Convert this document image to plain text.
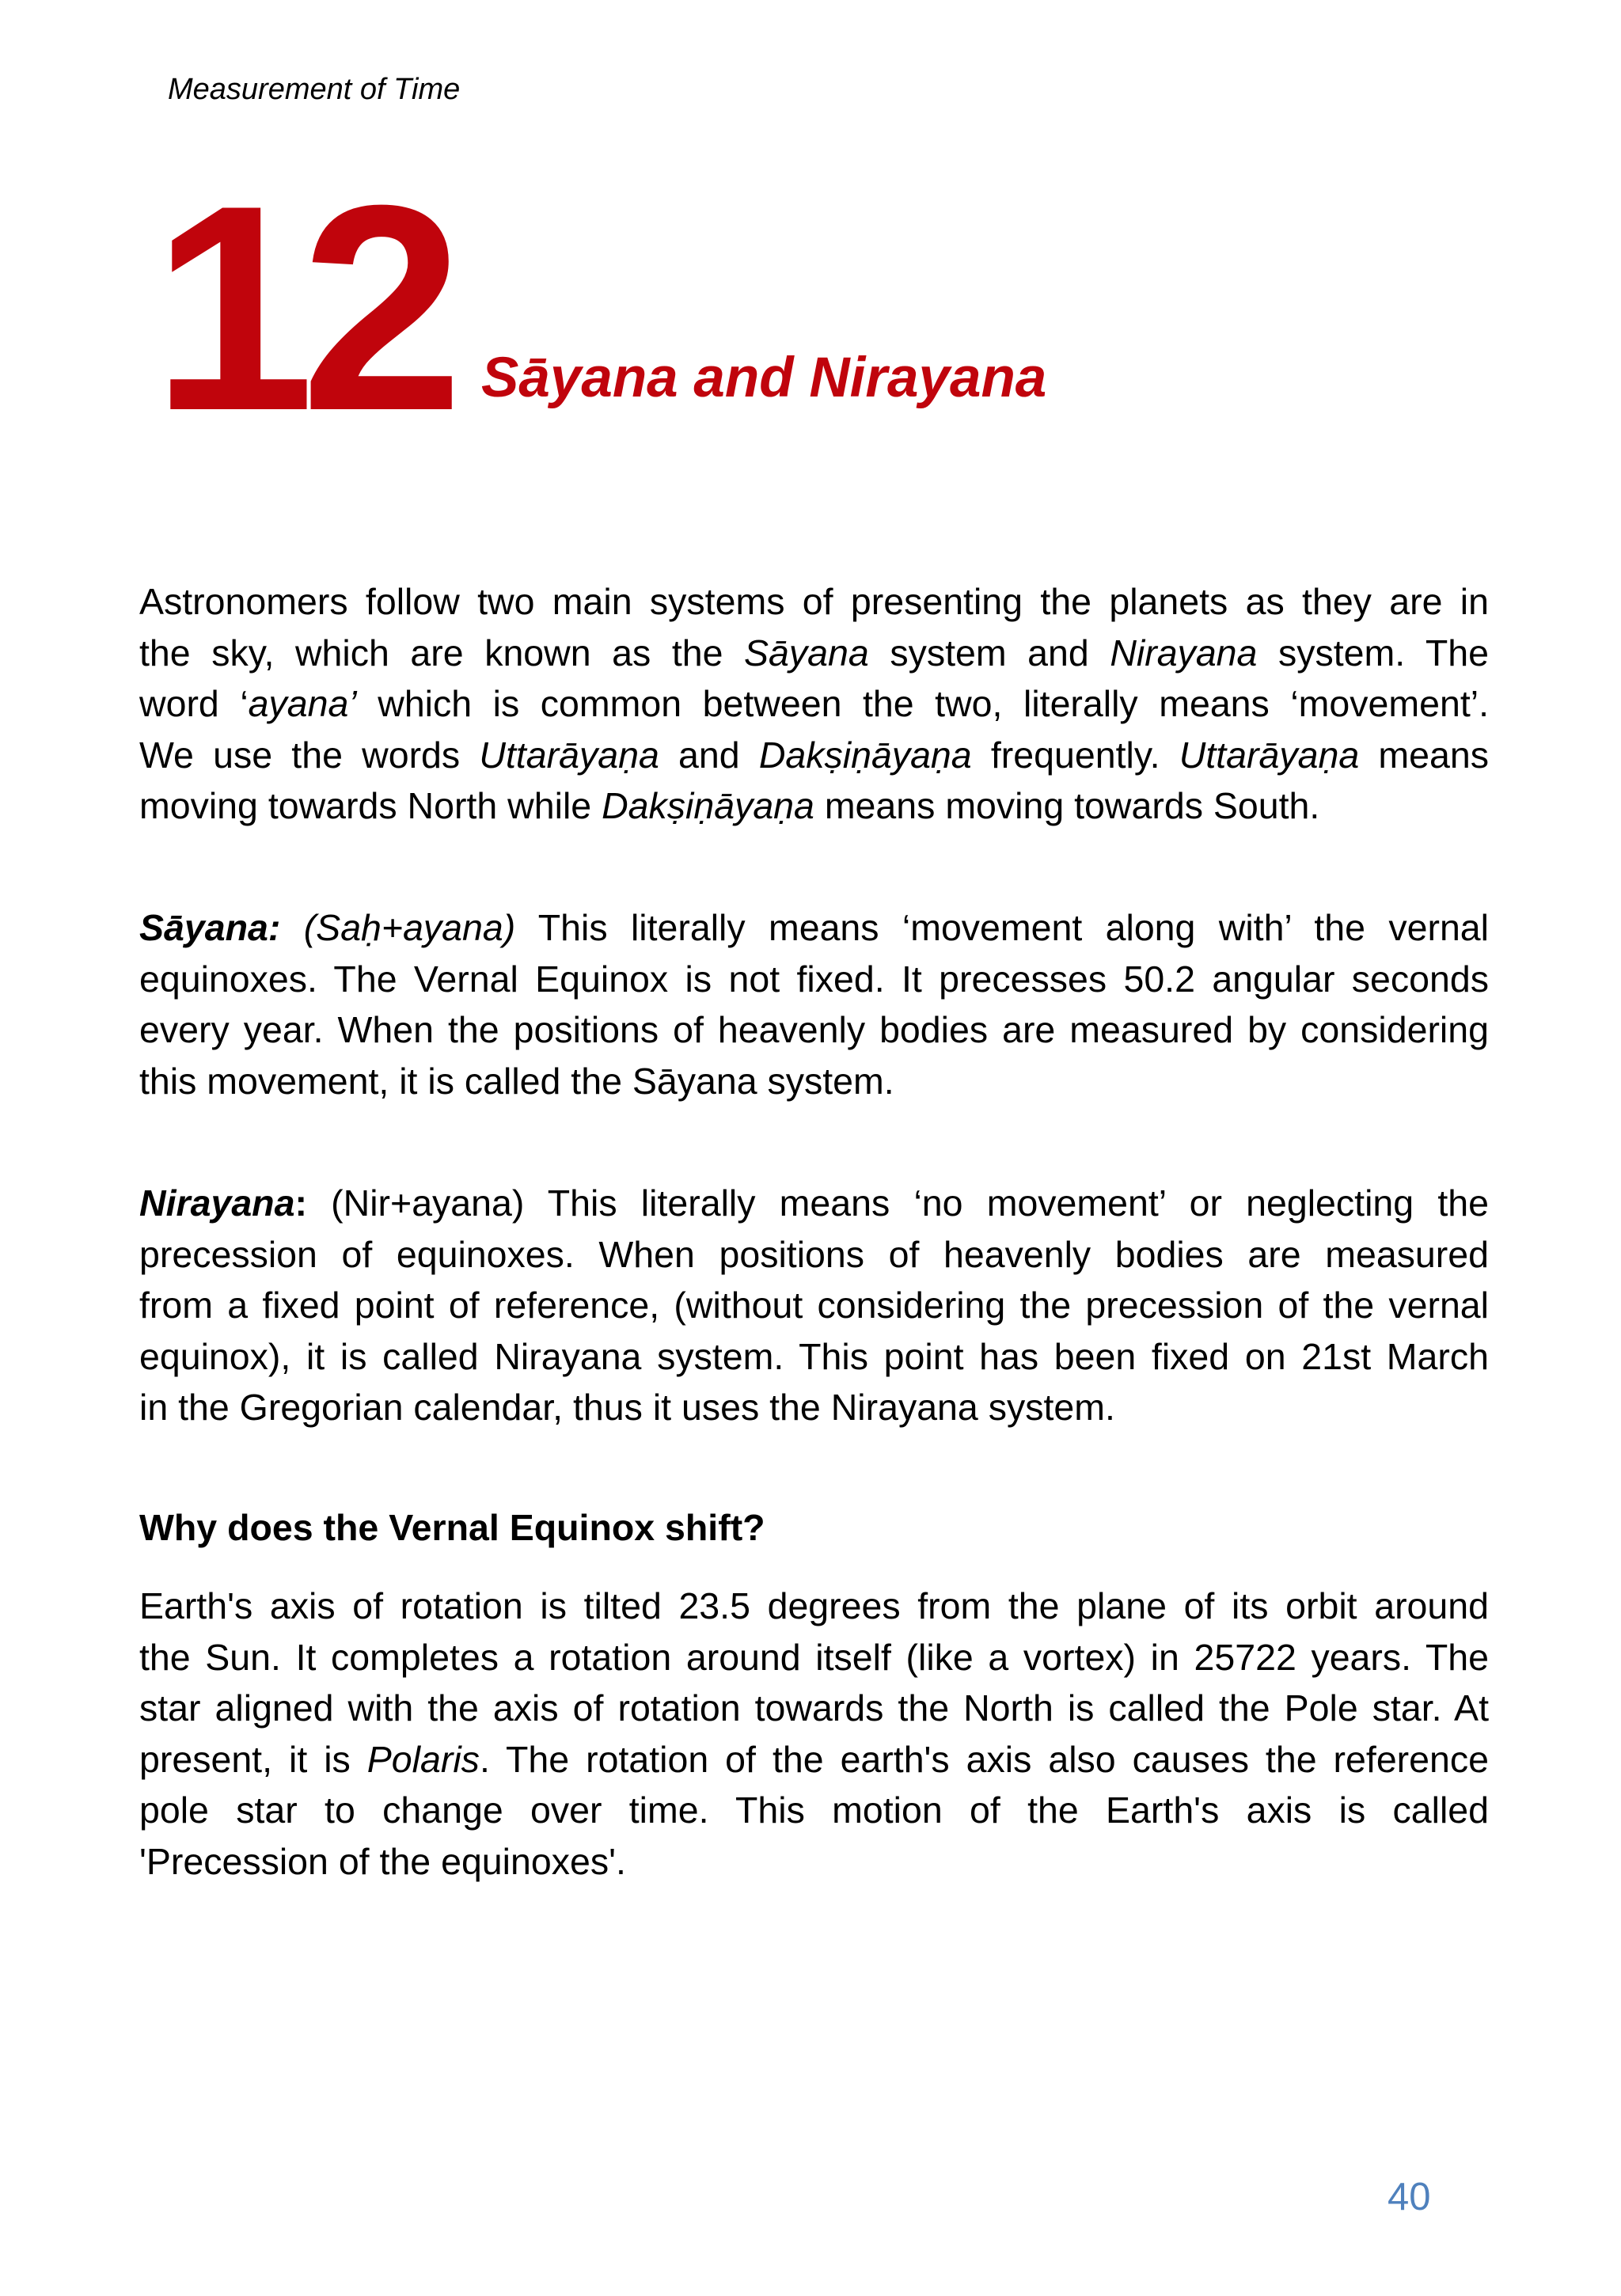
Measurement of Time
12 Sāyana and Nirayana
Astronomers follow two main systems of presenting the planets as they are in
the sky, which are known as the Sāyana system and Nirayana system. The
word ‘ayana’ which is common between the two, literally means ‘movement’.
We use the words Uttarāyaṇa and Dakṣiṇāyaṇa frequently. Uttarāyaṇa means
moving towards North while Dakṣiṇāyaṇa means moving towards South.
Sāyana: (Saḥ+ayana) This literally means ‘movement along with’ the vernal
equinoxes. The Vernal Equinox is not fixed. It precesses 50.2 angular seconds
every year. When the positions of heavenly bodies are measured by considering
this movement, it is called the Sāyana system.
Nirayana: (Nir+ayana) This literally means ‘no movement’ or neglecting the
precession of equinoxes. When positions of heavenly bodies are measured
from a fixed point of reference, (without considering the precession of the vernal
equinox), it is called Nirayana system. This point has been fixed on 21st March
in the Gregorian calendar, thus it uses the Nirayana system.
Why does the Vernal Equinox shift?
Earth's axis of rotation is tilted 23.5 degrees from the plane of its orbit around
the Sun. It completes a rotation around itself (like a vortex) in 25722 years. The
star aligned with the axis of rotation towards the North is called the Pole star. At
present, it is Polaris. The rotation of the earth's axis also causes the reference
pole star to change over time. This motion of the Earth's axis is called
'Precession of the equinoxes'.
40
